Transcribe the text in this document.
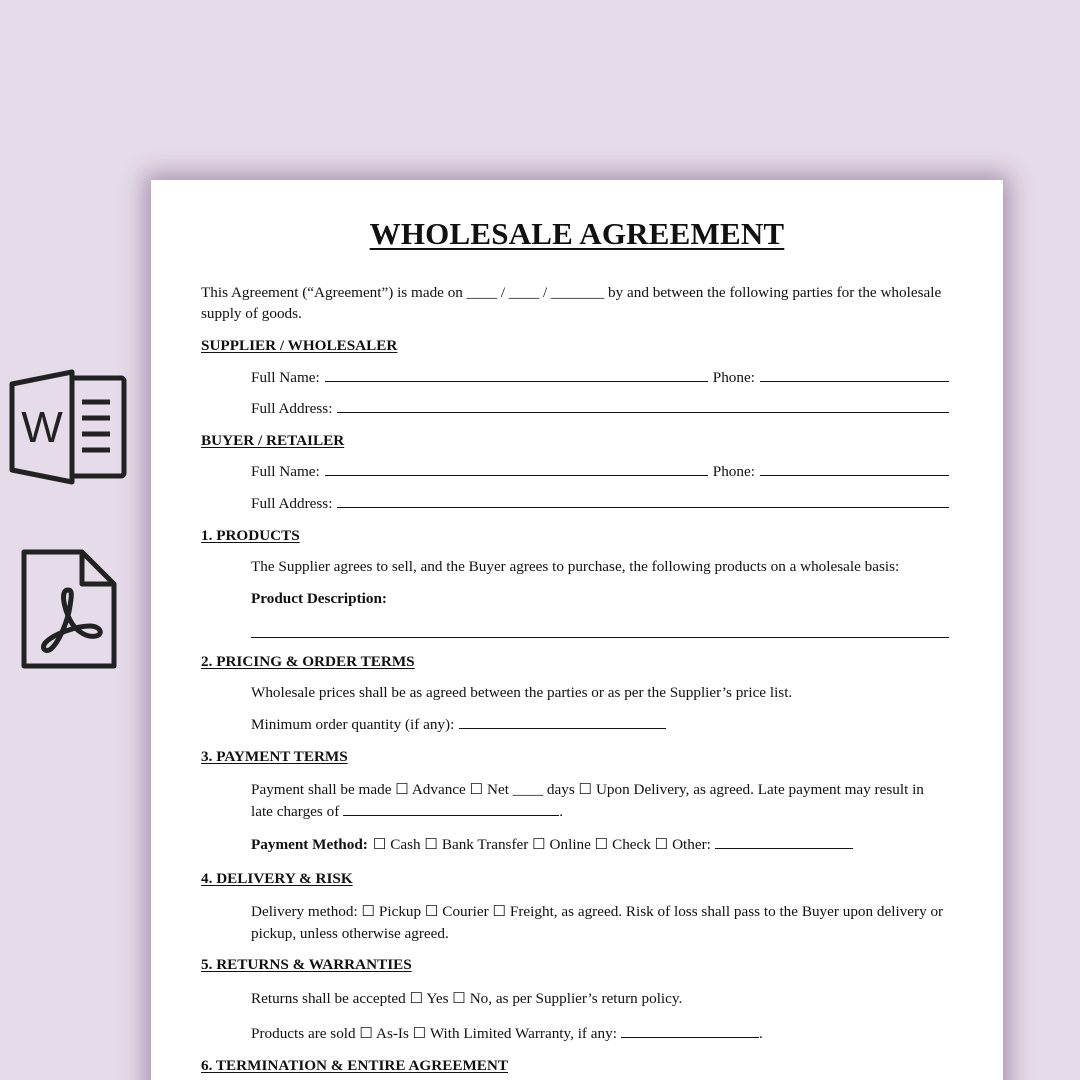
W
WHOLESALE AGREEMENT
This Agreement (“Agreement”) is made on ____ / ____ / _______ by and between the following parties for the wholesale
supply of goods.
SUPPLIER / WHOLESALER
Full Name:	Phone:
Full Address:
BUYER / RETAILER
Full Name:	Phone:
Full Address:
1. PRODUCTS
The Supplier agrees to sell, and the Buyer agrees to purchase, the following products on a wholesale basis:
Product Description:
2. PRICING & ORDER TERMS
Wholesale prices shall be as agreed between the parties or as per the Supplier’s price list.
Minimum order quantity (if any):
3. PAYMENT TERMS
Payment shall be made ☐ Advance ☐ Net ____ days ☐ Upon Delivery, as agreed. Late payment may result in
late charges of	.
Payment Method: ☐ Cash ☐ Bank Transfer ☐ Online ☐ Check ☐ Other:
4. DELIVERY & RISK
Delivery method: ☐ Pickup ☐ Courier ☐ Freight, as agreed. Risk of loss shall pass to the Buyer upon delivery or
pickup, unless otherwise agreed.
5. RETURNS & WARRANTIES
Returns shall be accepted ☐ Yes ☐ No, as per Supplier’s return policy.
Products are sold ☐ As-Is ☐ With Limited Warranty, if any:	.
6. TERMINATION & ENTIRE AGREEMENT
